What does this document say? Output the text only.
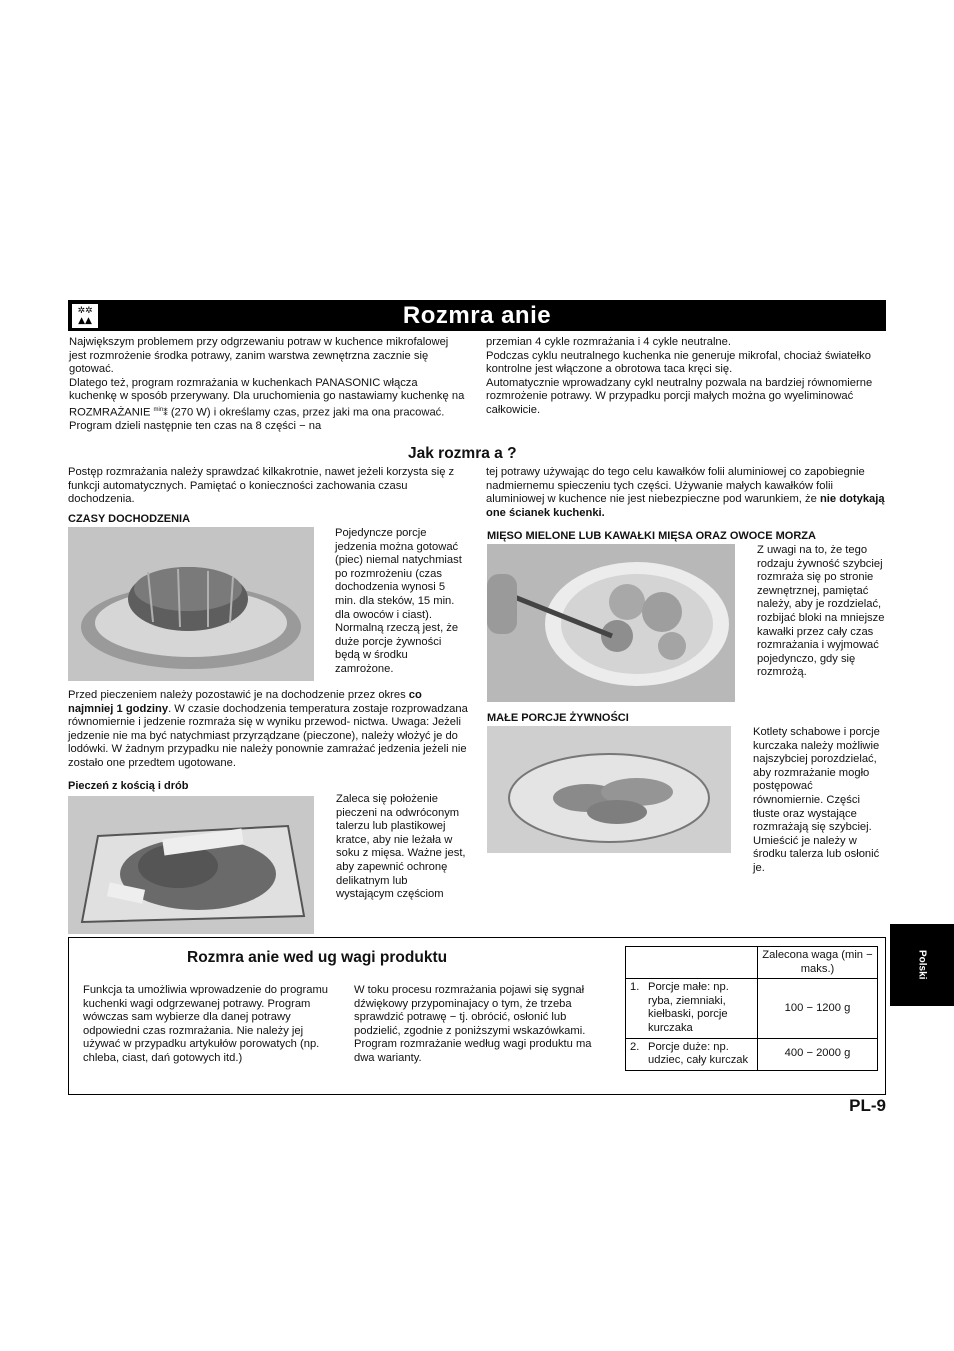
✲✲
▲▲	Rozmra anie
Największym problemem przy odgrzewaniu potraw w kuchence mikrofalowej jest rozmrożenie środka potrawy, zanim warstwa zewnętrzna zacznie się gotować.
Dlatego też, program rozmrażania w kuchenkach PANASONIC włącza kuchenkę w sposób przerywany. Dla uruchomienia go nastawiamy kuchenkę na ROZMRAŻANIE $^{min}$⁑ (270 W) i określamy czas, przez jaki ma ona pracować. Program dzieli następnie ten czas na 8 części − na
przemian 4 cykle rozmrażania i 4 cykle neutralne.
Podczas cyklu neutralnego kuchenka nie generuje mikrofal, chociaż światełko kontrolne jest włączone a obrotowa taca kręci się.
Automatycznie wprowadzany cykl neutralny pozwala na bardziej równomierne rozmrożenie potrawy. W przypadku porcji małych można go wyeliminować całkowicie.
Jak rozmra a ?
Postęp rozmrażania należy sprawdzać kilkakrotnie, nawet jeżeli korzysta się z funkcji automatycznych. Pamiętać o konieczności zachowania czasu dochodzenia.
tej potrawy używając do tego celu kawałków folii aluminiowej co zapobiegnie nadmiernemu spieczeniu tych części. Używanie małych kawałków folii aluminiowej w kuchence nie jest niebezpieczne pod warunkiem, że nie dotykają one ścianek kuchenki.
CZASY DOCHODZENIA
Pojedyncze porcje jedzenia można gotować (piec) niemal natychmiast po rozmrożeniu (czas dochodzenia wynosi 5 min. dla steków, 15 min. dla owoców i ciast). Normalną rzeczą jest, że duże porcje żywności będą w środku zamrożone.
Przed pieczeniem należy pozostawić je na dochodzenie przez okres co najmniej 1 godziny. W czasie dochodzenia temperatura zostaje rozprowadzana równomiernie i jedzenie rozmraża się w wyniku przewod- nictwa. Uwaga: Jeżeli jedzenie nie ma być natychmiast przyrządzane (pieczone), należy włożyć je do lodówki. W żadnym przypadku nie należy ponownie zamrażać jedzenia jeżeli nie zostało one przedtem ugotowane.
Pieczeń z kością i drób
Zaleca się położenie pieczeni na odwróconym talerzu lub plastikowej kratce, aby nie leżała w soku z mięsa. Ważne jest, aby zapewnić ochronę delikatnym lub wystającym częściom
MIĘSO MIELONE LUB KAWAŁKI MIĘSA ORAZ OWOCE MORZA
Z uwagi na to, że tego rodzaju żywność szybciej rozmraża się po stronie zewnętrznej, pamiętać należy, aby je rozdzielać, rozbijać bloki na mniejsze kawałki przez cały czas rozmrażania i wyjmować pojedynczo, gdy się rozmrożą.
MAŁE PORCJE ŻYWNOŚCI
Kotlety schabowe i porcje kurczaka należy możliwie najszybciej porozdzielać, aby rozmrażanie mogło postępować równomiernie. Części tłuste oraz wystające rozmrażają się szybciej. Umieścić je należy w środku talerza lub osłonić je.
Rozmra anie wed ug wagi produktu
Funkcja ta umożliwia wprowadzenie do programu kuchenki wagi odgrzewanej potrawy. Program wówczas sam wybierze dla danej potrawy odpowiedni czas rozmrażania. Nie należy jej używać w przypadku artykułów porowatych (np. chleba, ciast, dań gotowych itd.)
W toku procesu rozmrażania pojawi się sygnał dźwiękowy przypominajacy o tym, że trzeba sprawdzić potrawę − tj. obrócić, osłonić lub podzielić, zgodnie z poniższymi wskazówkami.
Program rozmrażanie według wagi produktu ma dwa warianty.
	Zalecona waga (min − maks.)

1. Porcje małe: np. ryba, ziemniaki, kiełbaski, porcje kurczaka	100 − 1200 g

2. Porcje duże: np. udziec, cały kurczak	400 − 2000 g
Polski
PL-9
